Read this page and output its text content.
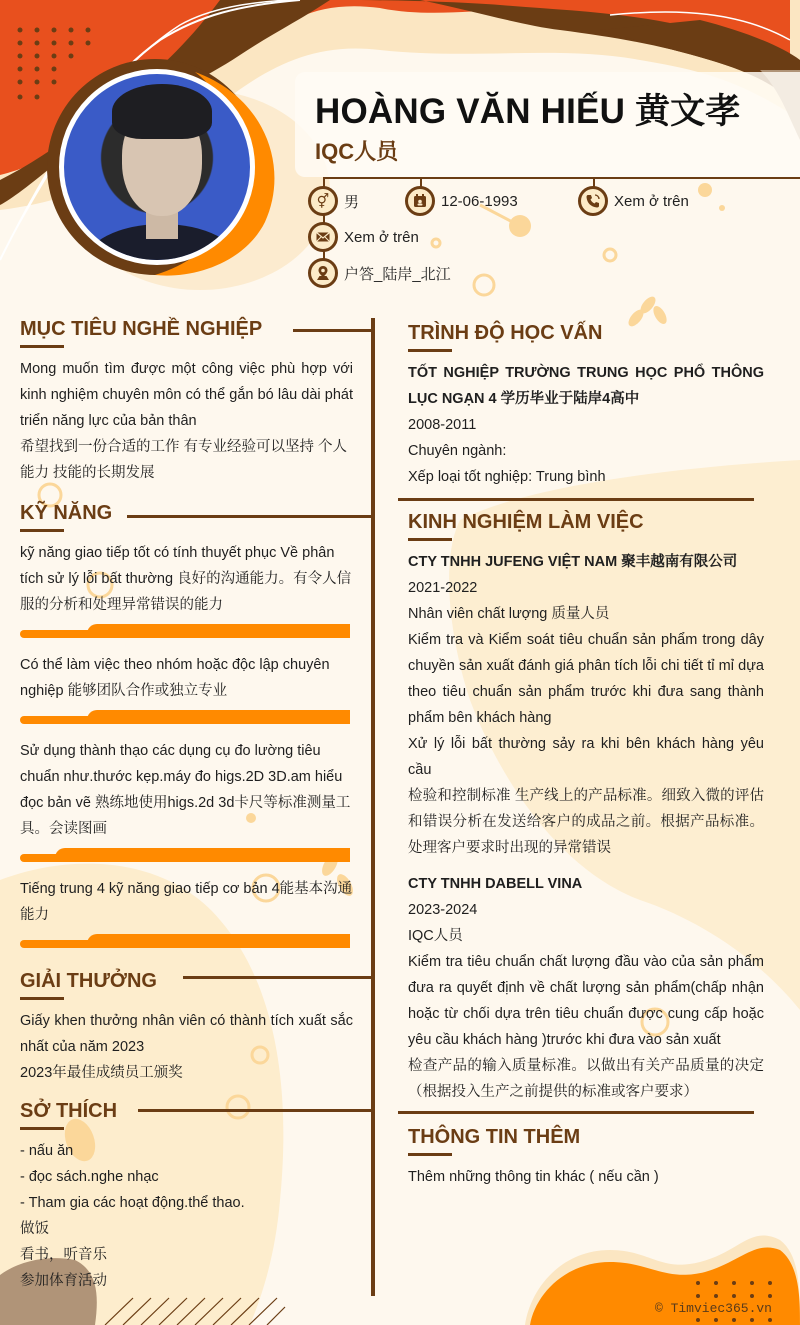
HOÀNG VĂN HIẾU 黄文孝
IQC人员
⚥ 男	12-06-1993	Xem ở trên
Xem ở trên
户答_陆岸_北江
MỤC TIÊU NGHỀ NGHIỆP
Mong muốn tìm được một công việc phù hợp với kinh nghiệm chuyên môn có thể gắn bó lâu dài phát triển năng lực của bản thân
希望找到一份合适的工作 有专业经验可以坚持 个人能力 技能的长期发展
KỸ NĂNG
kỹ năng giao tiếp tốt có tính thuyết phục Về phân tích sử lý lỗi bất thường 良好的沟通能力。有令人信服的分析和处理异常错误的能力
Có thể làm việc theo nhóm hoặc độc lập chuyên nghiệp 能够团队合作或独立专业
Sử dụng thành thạo các dụng cụ đo lường tiêu chuẩn như.thước kẹp.máy đo higs.2D 3D.am hiểu đọc bản vẽ 熟练地使用higs.2d 3d卡尺等标准测量工具。会读图画
Tiếng trung 4 kỹ năng giao tiếp cơ bản 4能基本沟通能力
GIẢI THƯỞNG
Giấy khen thưởng nhân viên có thành tích xuất sắc nhất của năm 2023
2023年最佳成绩员工颁奖
SỞ THÍCH
- nấu ăn
- đọc sách.nghe nhạc
- Tham gia các hoạt động.thể thao.
做饭
看书，听音乐
参加体育活动
TRÌNH ĐỘ HỌC VẤN
TỐT NGHIỆP TRƯỜNG TRUNG HỌC PHỔ THÔNG LỤC NGẠN 4 学历毕业于陆岸4高中
2008-2011
Chuyên ngành:
Xếp loại tốt nghiệp: Trung bình
KINH NGHIỆM LÀM VIỆC
CTY TNHH JUFENG VIỆT NAM 聚丰越南有限公司
2021-2022
Nhân viên chất lượng 质量人员
Kiểm tra và Kiểm soát tiêu chuẩn sản phẩm trong dây chuyền sản xuất đánh giá phân tích lỗi chi tiết tỉ mỉ dựa theo tiêu chuẩn sản phẩm trước khi đưa sang thành phẩm bên khách hàng
Xử lý lỗi bất thường sảy ra khi bên khách hàng yêu cầu
检验和控制标准 生产线上的产品标准。细致入微的评估和错误分析在发送给客户的成品之前。根据产品标准。处理客户要求时出现的异常错误
CTY TNHH DABELL VINA
2023-2024
IQC人员
Kiểm tra tiêu chuẩn chất lượng đầu vào của sản phẩm đưa ra quyết định về chất lượng sản phẩm(chấp nhận hoặc từ chối dựa trên tiêu chuẩn được cung cấp hoặc yêu cầu khách hàng )trước khi đưa vào sản xuất
检查产品的输入质量标准。以做出有关产品质量的决定（根据投入生产之前提供的标准或客户要求）
THÔNG TIN THÊM
Thêm những thông tin khác ( nếu cần )
© Timviec365.vn
